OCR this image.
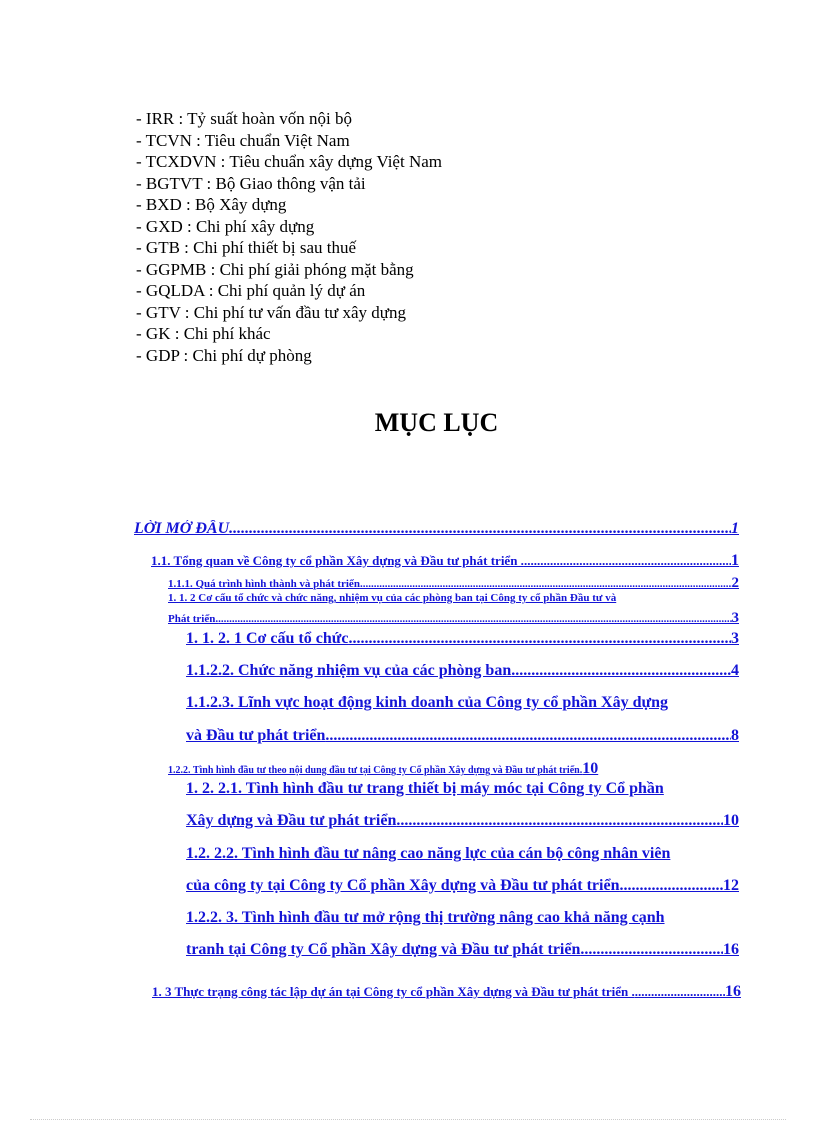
- IRR : Tỷ suất hoàn vốn nội bộ
- TCVN : Tiêu chuẩn Việt Nam
- TCXDVN : Tiêu chuẩn xây dựng Việt Nam
- BGTVT : Bộ Giao thông vận tải
- BXD : Bộ Xây dựng
- GXD : Chi phí xây dựng
- GTB : Chi phí thiết bị sau thuế
- GGPMB : Chi phí giải phóng mặt bằng
- GQLDA : Chi phí quản lý dự án
- GTV : Chi phí tư vấn đầu tư xây dựng
- GK : Chi phí khác
- GDP : Chi phí dự phòng
MỤC LỤC
LỜI MỞ ĐẦU .....	1
1.1. Tổng quan về Công ty cổ phần Xây dựng và Đầu tư phát triển . .....	1
1.1.1. Quá trình hình thành và phát triển .....	2
1. 1. 2 Cơ cấu tổ chức và chức năng, nhiệm vụ của các phòng ban tại Công ty cổ phần Đầu tư và
Phát triển. .....	3
1. 1. 2. 1 Cơ cấu tổ chức .....	3
1.1.2.2. Chức năng nhiệm vụ của các phòng ban .....	4
1.1.2.3. Lĩnh vực hoạt động kinh doanh của Công ty cổ phần Xây dựng
và Đầu tư phát triển .....	8
1.2.2. Tình hình đầu tư theo nội dung đầu tư tại Công ty Cổ phần Xây dựng và Đầu tư phát triển. 10
1. 2. 2.1. Tình hình đầu tư trang thiết bị máy móc tại Công ty Cổ phần
Xây dựng và Đầu tư phát triển .....	10
1.2. 2.2. Tình hình đầu tư nâng cao năng lực của cán bộ công nhân viên
của công ty tại Công ty Cổ phần Xây dựng và Đầu tư phát triển .....	12
1.2.2. 3. Tình hình đầu tư mở rộng thị trường nâng cao khả năng cạnh
tranh tại Công ty Cổ phần Xây dựng và Đầu tư phát triển .....	16
1. 3 Thực trạng công tác lập dự án tại Công ty cổ phần Xây dựng và Đầu tư phát triển . .....	16
